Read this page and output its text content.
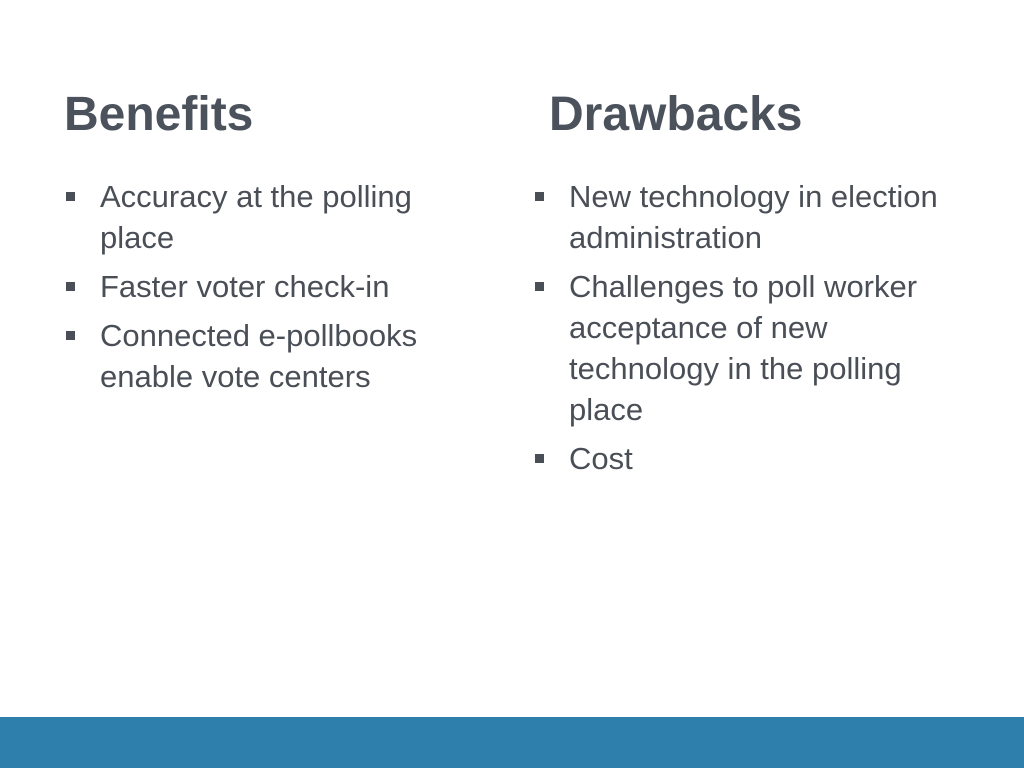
Benefits
Accuracy at the polling place
Faster voter check-in
Connected e-pollbooks enable vote centers
Drawbacks
New technology in election administration
Challenges to poll worker acceptance of new technology in the polling place
Cost
